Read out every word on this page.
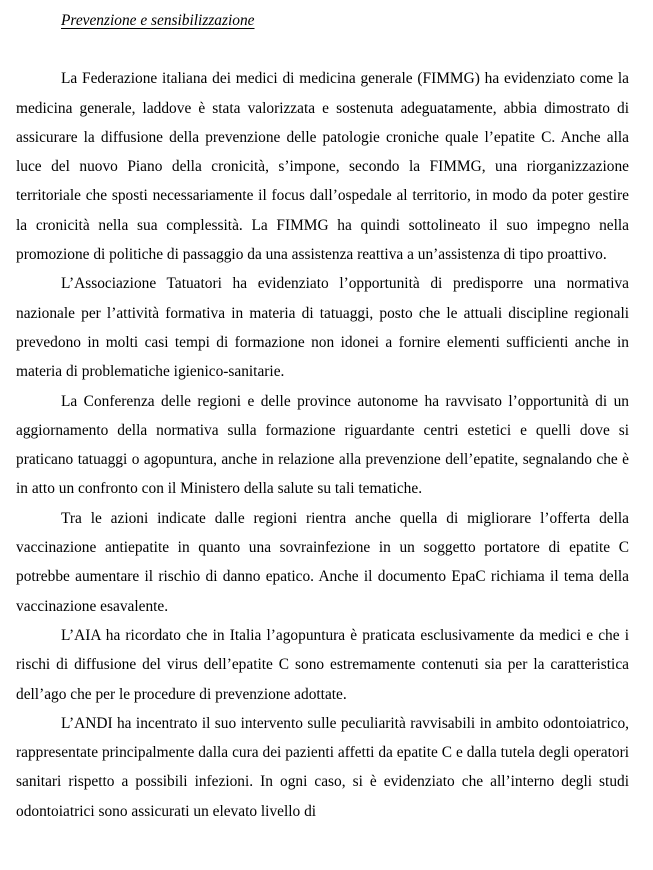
Prevenzione e sensibilizzazione

La Federazione italiana dei medici di medicina generale (FIMMG) ha evidenziato come la medicina generale, laddove è stata valorizzata e sostenuta adeguatamente, abbia dimostrato di assicurare la diffusione della prevenzione delle patologie croniche quale l’epatite C. Anche alla luce del nuovo Piano della cronicità, s’impone, secondo la FIMMG, una riorganizzazione territoriale che sposti necessariamente il focus dall’ospedale al territorio, in modo da poter gestire la cronicità nella sua complessità. La FIMMG ha quindi sottolineato il suo impegno nella promozione di politiche di passaggio da una assistenza reattiva a un’assistenza di tipo proattivo.

L’Associazione Tatuatori ha evidenziato l’opportunità di predisporre una normativa nazionale per l’attività formativa in materia di tatuaggi, posto che le attuali discipline regionali prevedono in molti casi tempi di formazione non idonei a fornire elementi sufficienti anche in materia di problematiche igienico-sanitarie.

La Conferenza delle regioni e delle province autonome ha ravvisato l’opportunità di un aggiornamento della normativa sulla formazione riguardante centri estetici e quelli dove si praticano tatuaggi o agopuntura, anche in relazione alla prevenzione dell’epatite, segnalando che è in atto un confronto con il Ministero della salute su tali tematiche.

Tra le azioni indicate dalle regioni rientra anche quella di migliorare l’offerta della vaccinazione antiepatite in quanto una sovrainfezione in un soggetto portatore di epatite C potrebbe aumentare il rischio di danno epatico. Anche il documento EpaC richiama il tema della vaccinazione esavalente.

L’AIA ha ricordato che in Italia l’agopuntura è praticata esclusivamente da medici e che i rischi di diffusione del virus dell’epatite C sono estremamente contenuti sia per la caratteristica dell’ago che per le procedure di prevenzione adottate.

L’ANDI ha incentrato il suo intervento sulle peculiarità ravvisabili in ambito odontoiatrico, rappresentate principalmente dalla cura dei pazienti affetti da epatite C e dalla tutela degli operatori sanitari rispetto a possibili infezioni. In ogni caso, si è evidenziato che all’interno degli studi odontoiatrici sono assicurati un elevato livello di
